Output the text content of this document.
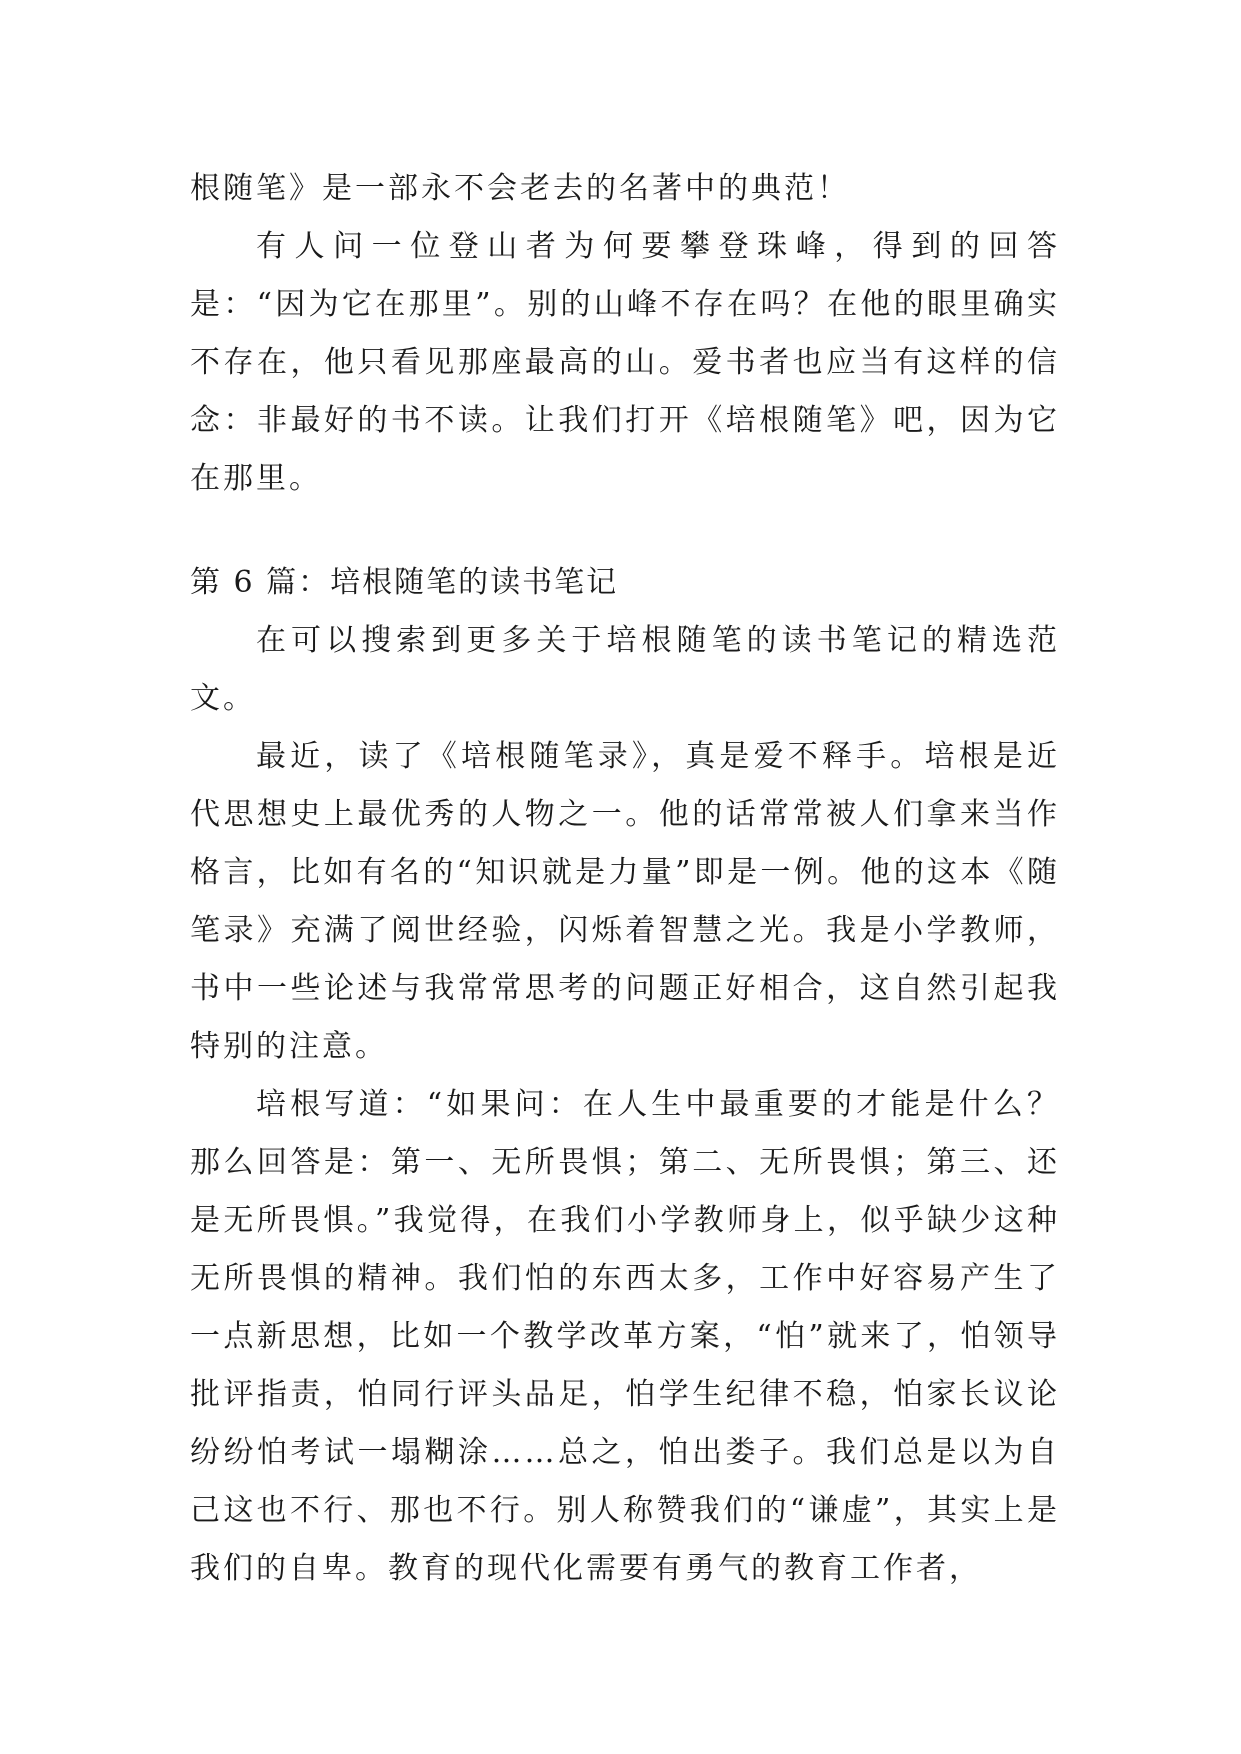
根随笔》是一部永不会老去的名著中的典范！

有人问一位登山者为何要攀登珠峰，得到的回答是：“因为它在那里”。别的山峰不存在吗？在他的眼里确实不存在，他只看见那座最高的山。爱书者也应当有这样的信念：非最好的书不读。让我们打开《培根随笔》吧，因为它在那里。

第 6 篇：培根随笔的读书笔记

在可以搜索到更多关于培根随笔的读书笔记的精选范文。

最近，读了《培根随笔录》，真是爱不释手。培根是近代思想史上最优秀的人物之一。他的话常常被人们拿来当作格言，比如有名的“知识就是力量”即是一例。他的这本《随笔录》充满了阅世经验，闪烁着智慧之光。我是小学教师，书中一些论述与我常常思考的问题正好相合，这自然引起我特别的注意。

培根写道：“如果问：在人生中最重要的才能是什么？那么回答是：第一、无所畏惧；第二、无所畏惧；第三、还是无所畏惧。”我觉得，在我们小学教师身上，似乎缺少这种无所畏惧的精神。我们怕的东西太多，工作中好容易产生了一点新思想，比如一个教学改革方案，“怕”就来了，怕领导批评指责，怕同行评头品足，怕学生纪律不稳，怕家长议论纷纷怕考试一塌糊涂……总之，怕出娄子。我们总是以为自己这也不行、那也不行。别人称赞我们的“谦虚”，其实上是我们的自卑。教育的现代化需要有勇气的教育工作者，
